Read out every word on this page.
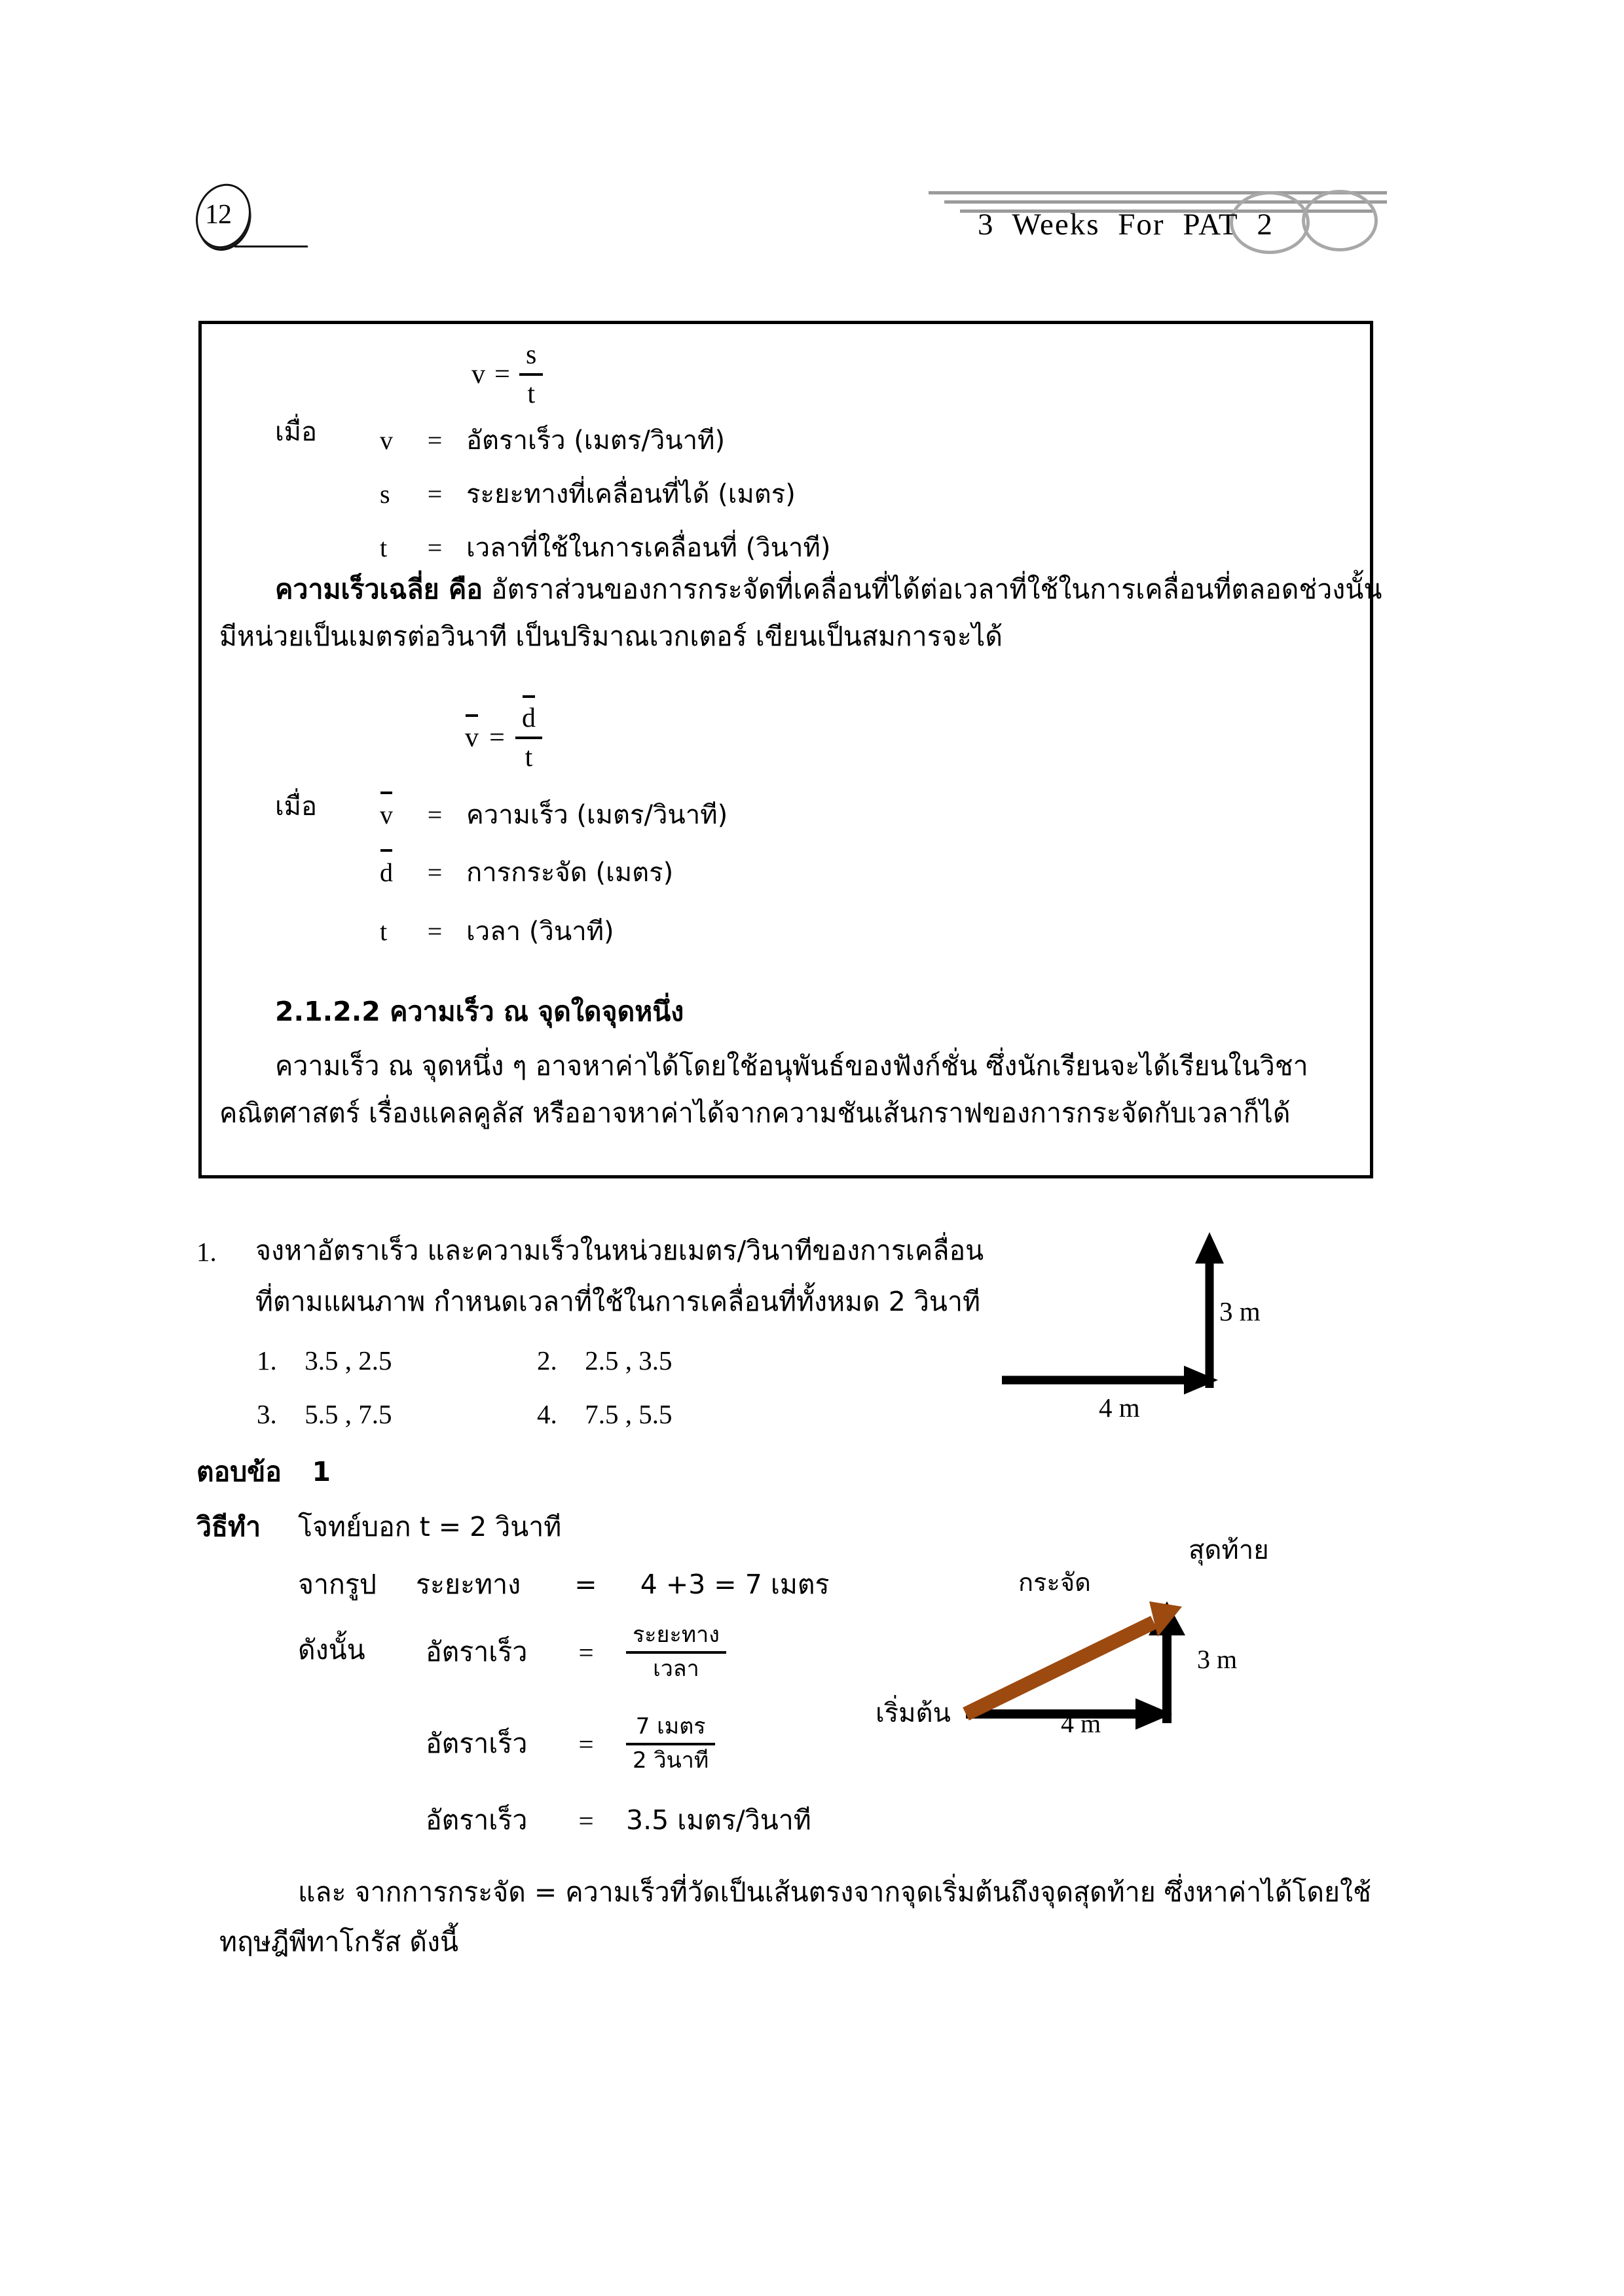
12	3 Weeks For PAT 2
$v = \frac{s}{t}$
เมื่อ v	= อัตราเร็ว (เมตร/วินาที)
s	= ระยะทางที่เคลื่อนที่ได้ (เมตร)
t	= เวลาที่ใช้ในการเคลื่อนที่ (วินาที)
ความเร็วเฉลี่ย คือ อัตราส่วนของการกระจัดที่เคลื่อนที่ได้ต่อเวลาที่ใช้ในการเคลื่อนที่ตลอดช่วงนั้น
มีหน่วยเป็นเมตรต่อวินาที เป็นปริมาณเวกเตอร์ เขียนเป็นสมการจะได้
$v = \frac{d}{t}$
เมื่อ v	= ความเร็ว (เมตร/วินาที)
d	= การกระจัด (เมตร)
t	= เวลา (วินาที)
2.1.2.2 ความเร็ว ณ จุดใดจุดหนึ่ง
ความเร็ว ณ จุดหนึ่ง ๆ อาจหาค่าได้โดยใช้อนุพันธ์ของฟังก์ชั่น ซึ่งนักเรียนจะได้เรียนในวิชา
คณิตศาสตร์ เรื่องแคลคูลัส หรืออาจหาค่าได้จากความชันเส้นกราฟของการกระจัดกับเวลาก็ได้
1. จงหาอัตราเร็ว และความเร็วในหน่วยเมตร/วินาทีของการเคลื่อน
ที่ตามแผนภาพ กำหนดเวลาที่ใช้ในการเคลื่อนที่ทั้งหมด 2 วินาที
1. 3.5 , 2.5	2. 2.5 , 3.5
3. 5.5 , 7.5	4. 7.5 , 5.5
3 m
4 m
ตอบข้อ 1
วิธีทำ โจทย์บอก t = 2 วินาที
จากรูป ระยะทาง = 4 +3 = 7 เมตร
ดังนั้น อัตราเร็ว	=	$\frac{\text{ระยะทาง}}{\text{เวลา}}$
อัตราเร็ว	=	$\frac{\text{7 เมตร}}{\text{2 วินาที}}$
อัตราเร็ว	=	3.5 เมตร/วินาที
กระจัด
สุดท้าย
เริ่มต้น
3 m
4 m
และ จากการกระจัด = ความเร็วที่วัดเป็นเส้นตรงจากจุดเริ่มต้นถึงจุดสุดท้าย ซึ่งหาค่าได้โดยใช้
ทฤษฎีพีทาโกรัส ดังนี้
